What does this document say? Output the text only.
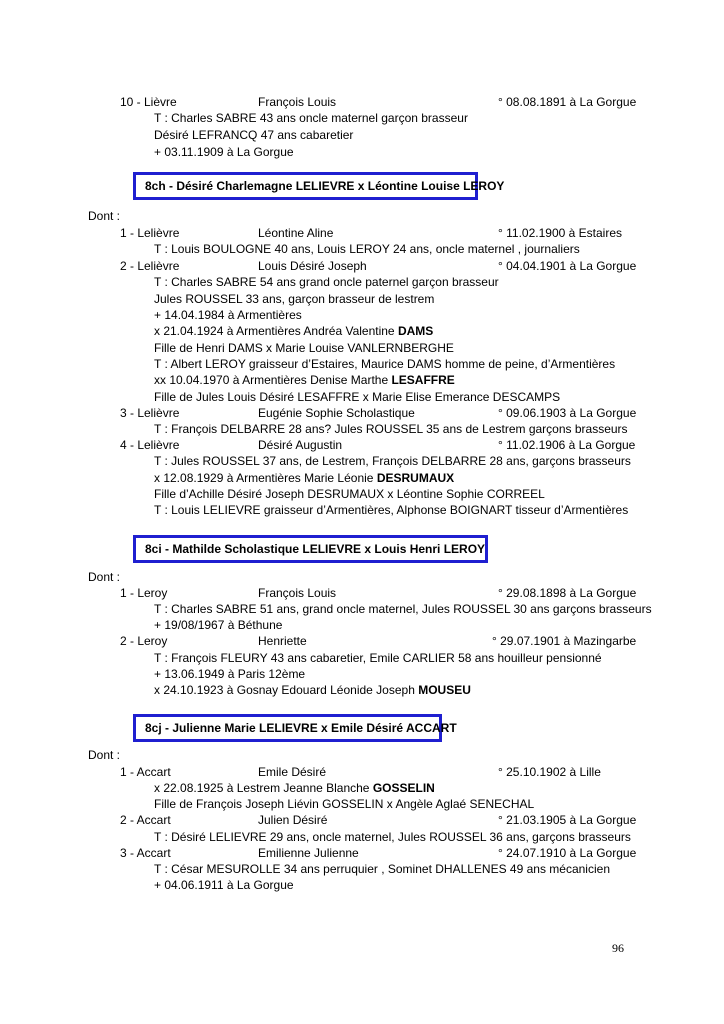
10 - Lièvre	François Louis	° 08.08.1891 à La Gorgue
T : Charles SABRE 43 ans oncle maternel garçon brasseur
Désiré LEFRANCQ 47 ans cabaretier
+ 03.11.1909 à La Gorgue
8ch - Désiré Charlemagne LELIEVRE x Léontine Louise LEROY
Dont :
1 - Lelièvre	Léontine Aline	° 11.02.1900 à Estaires
T : Louis BOULOGNE 40 ans, Louis LEROY 24 ans, oncle maternel , journaliers
2 - Lelièvre	Louis Désiré Joseph	° 04.04.1901 à La Gorgue
T : Charles SABRE 54 ans grand oncle paternel garçon brasseur
Jules ROUSSEL 33 ans, garçon brasseur de lestrem
+ 14.04.1984 à Armentières
x 21.04.1924 à Armentières Andréa Valentine DAMS
Fille de Henri DAMS x Marie Louise VANLERNBERGHE
T : Albert LEROY graisseur d’Estaires, Maurice DAMS homme de peine, d’Armentières
xx 10.04.1970 à Armentières Denise Marthe LESAFFRE
Fille de Jules Louis Désiré LESAFFRE x Marie Elise Emerance DESCAMPS
3 - Lelièvre	Eugénie Sophie Scholastique	° 09.06.1903 à La Gorgue
T : François DELBARRE 28 ans? Jules ROUSSEL 35 ans de Lestrem garçons brasseurs
4 - Lelièvre	Désiré Augustin	° 11.02.1906 à La Gorgue
T : Jules ROUSSEL 37 ans, de Lestrem, François DELBARRE 28 ans, garçons brasseurs
x 12.08.1929 à Armentières Marie Léonie DESRUMAUX
Fille d’Achille Désiré Joseph DESRUMAUX x Léontine Sophie CORREEL
T : Louis LELIEVRE graisseur d’Armentières, Alphonse BOIGNART tisseur d’Armentières
8ci - Mathilde Scholastique LELIEVRE x Louis Henri LEROY
Dont :
1 - Leroy	François Louis	° 29.08.1898 à La Gorgue
T : Charles SABRE 51 ans, grand oncle maternel, Jules ROUSSEL 30 ans garçons brasseurs
+ 19/08/1967 à Béthune
2 - Leroy	Henriette	° 29.07.1901 à Mazingarbe
T : François FLEURY 43 ans cabaretier, Emile CARLIER 58 ans houilleur pensionné
+ 13.06.1949 à Paris 12ème
x 24.10.1923 à Gosnay Edouard Léonide Joseph MOUSEU
8cj - Julienne Marie LELIEVRE x Emile Désiré ACCART
Dont :
1 - Accart	Emile Désiré	° 25.10.1902 à Lille
x 22.08.1925 à Lestrem Jeanne Blanche GOSSELIN
Fille de François Joseph Liévin GOSSELIN x Angèle Aglaé SENECHAL
2 - Accart	Julien Désiré	° 21.03.1905 à La Gorgue
T : Désiré LELIEVRE 29 ans, oncle maternel, Jules ROUSSEL 36 ans, garçons brasseurs
3 - Accart	Emilienne Julienne	° 24.07.1910 à La Gorgue
T : César MESUROLLE 34 ans perruquier , Sominet DHALLENES 49 ans mécanicien
+ 04.06.1911 à La Gorgue
96
